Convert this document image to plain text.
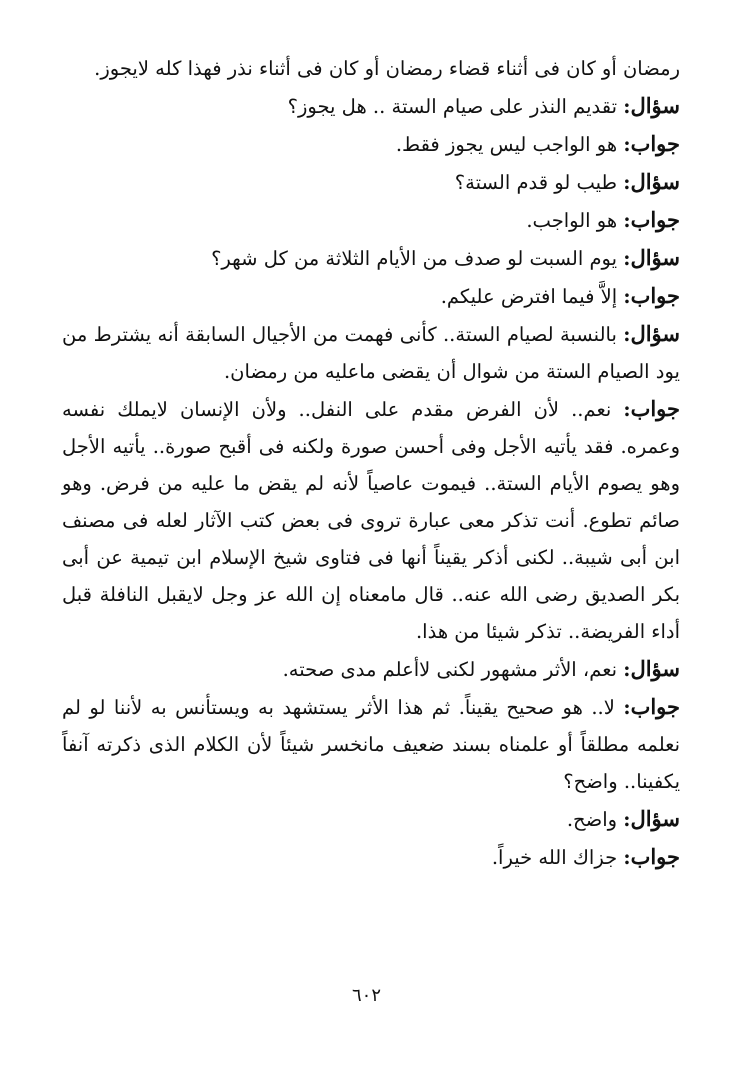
رمضان أو كان فى أثناء قضاء رمضان أو كان فى أثناء نذر فهذا كله لايجوز.

سؤال: تقديم النذر على صيام الستة .. هل يجوز؟

جواب: هو الواجب ليس يجوز فقط.

سؤال: طيب لو قدم الستة؟

جواب: هو الواجب.

سؤال: يوم السبت لو صدف من الأيام الثلاثة من كل شهر؟

جواب: إلاَّ فيما افترض عليكم.

سؤال: بالنسبة لصيام الستة.. كأنى فهمت من الأجيال السابقة أنه يشترط من يود الصيام الستة من شوال أن يقضى ماعليه من رمضان.

جواب: نعم.. لأن الفرض مقدم على النفل.. ولأن الإنسان لايملك نفسه وعمره. فقد يأتيه الأجل وفى أحسن صورة ولكنه فى أقبح صورة.. يأتيه الأجل وهو يصوم الأيام الستة.. فيموت عاصياً لأنه لم يقض ما عليه من فرض. وهو صائم تطوع. أنت تذكر معى عبارة تروى فى بعض كتب الآثار لعله فى مصنف ابن أبى شيبة.. لكنى أذكر يقيناً أنها فى فتاوى شيخ الإسلام ابن تيمية عن أبى بكر الصديق رضى الله عنه.. قال مامعناه إن الله عز وجل لايقبل النافلة قبل أداء الفريضة.. تذكر شيئا من هذا.

سؤال: نعم، الأثر مشهور لكنى لاأعلم مدى صحته.

جواب: لا.. هو صحيح يقيناً. ثم هذا الأثر يستشهد به ويستأنس به لأننا لو لم نعلمه مطلقاً أو علمناه بسند ضعيف مانخسر شيئاً لأن الكلام الذى ذكرته آنفاً يكفينا.. واضح؟

سؤال: واضح.

جواب: جزاك الله خيراً.

٦٠٢
